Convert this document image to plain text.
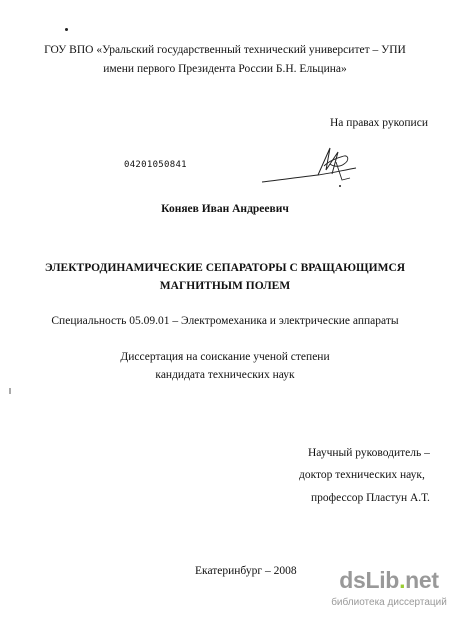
ГОУ ВПО «Уральский государственный технический университет – УПИ
имени первого Президента России Б.Н. Ельцина»
На правах рукописи
04201050841
Коняев Иван Андреевич
ЭЛЕКТРОДИНАМИЧЕСКИЕ СЕПАРАТОРЫ С ВРАЩАЮЩИМСЯ
МАГНИТНЫМ ПОЛЕМ
Специальность 05.09.01 – Электромеханика и электрические аппараты
Диссертация на соискание ученой степени
кандидата технических наук
Научный руководитель –
доктор технических наук,
профессор Пластун А.Т.
Екатеринбург – 2008	dsLib.net
библиотека диссертаций
